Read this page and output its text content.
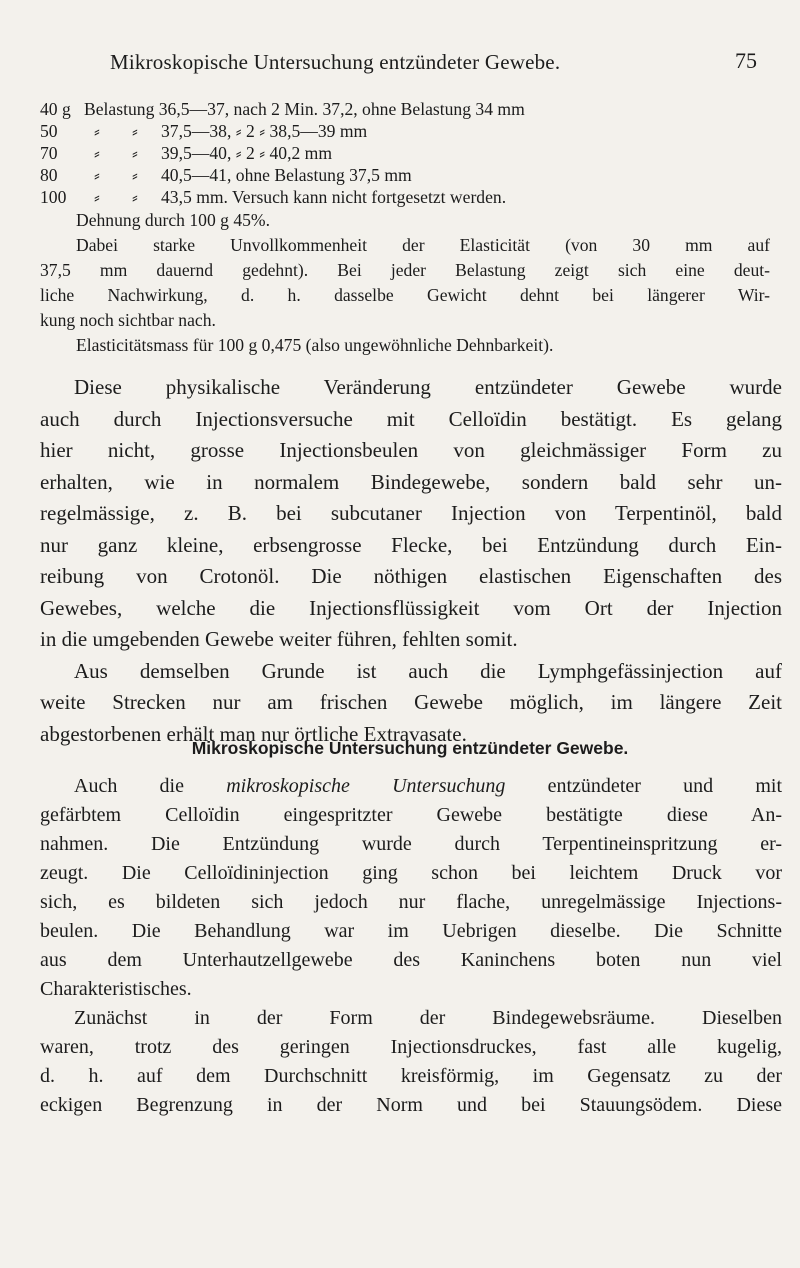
Mikroskopische Untersuchung entzündeter Gewebe.	75
40 g Belastung 36,5—37, nach 2 Min. 37,2, ohne Belastung 34 mm
50 ⸗ ⸗ 37,5—38, ⸗ 2 ⸗ 38,5—39 mm
70 ⸗ ⸗ 39,5—40, ⸗ 2 ⸗ 40,2 mm
80 ⸗ ⸗ 40,5—41, ohne Belastung 37,5 mm
100 ⸗ ⸗ 43,5 mm. Versuch kann nicht fortgesetzt werden.

Dehnung durch 100 g 45%.

Dabei starke Unvollkommenheit der Elasticität (von 30 mm auf
37,5 mm dauernd gedehnt). Bei jeder Belastung zeigt sich eine deut-
liche Nachwirkung, d. h. dasselbe Gewicht dehnt bei längerer Wir-
kung noch sichtbar nach.

Elasticitätsmass für 100 g 0,475 (also ungewöhnliche Dehnbarkeit).

Diese physikalische Veränderung entzündeter Gewebe wurde
auch durch Injectionsversuche mit Celloïdin bestätigt. Es gelang
hier nicht, grosse Injectionsbeulen von gleichmässiger Form zu
erhalten, wie in normalem Bindegewebe, sondern bald sehr un-
regelmässige, z. B. bei subcutaner Injection von Terpentinöl, bald
nur ganz kleine, erbsengrosse Flecke, bei Entzündung durch Ein-
reibung von Crotonöl. Die nöthigen elastischen Eigenschaften des
Gewebes, welche die Injectionsflüssigkeit vom Ort der Injection
in die umgebenden Gewebe weiter führen, fehlten somit.

Aus demselben Grunde ist auch die Lymphgefässinjection auf
weite Strecken nur am frischen Gewebe möglich, im längere Zeit
abgestorbenen erhält man nur örtliche Extravasate.

Mikroskopische Untersuchung entzündeter Gewebe.

Auch die mikroskopische Untersuchung entzündeter und mit
gefärbtem Celloïdin eingespritzter Gewebe bestätigte diese An-
nahmen. Die Entzündung wurde durch Terpentineinspritzung er-
zeugt. Die Celloïdininjection ging schon bei leichtem Druck vor
sich, es bildeten sich jedoch nur flache, unregelmässige Injections-
beulen. Die Behandlung war im Uebrigen dieselbe. Die Schnitte
aus dem Unterhautzellgewebe des Kaninchens boten nun viel
Charakteristisches.

Zunächst in der Form der Bindegewebsräume. Dieselben
waren, trotz des geringen Injectionsdruckes, fast alle kugelig,
d. h. auf dem Durchschnitt kreisförmig, im Gegensatz zu der
eckigen Begrenzung in der Norm und bei Stauungsödem. Diese
